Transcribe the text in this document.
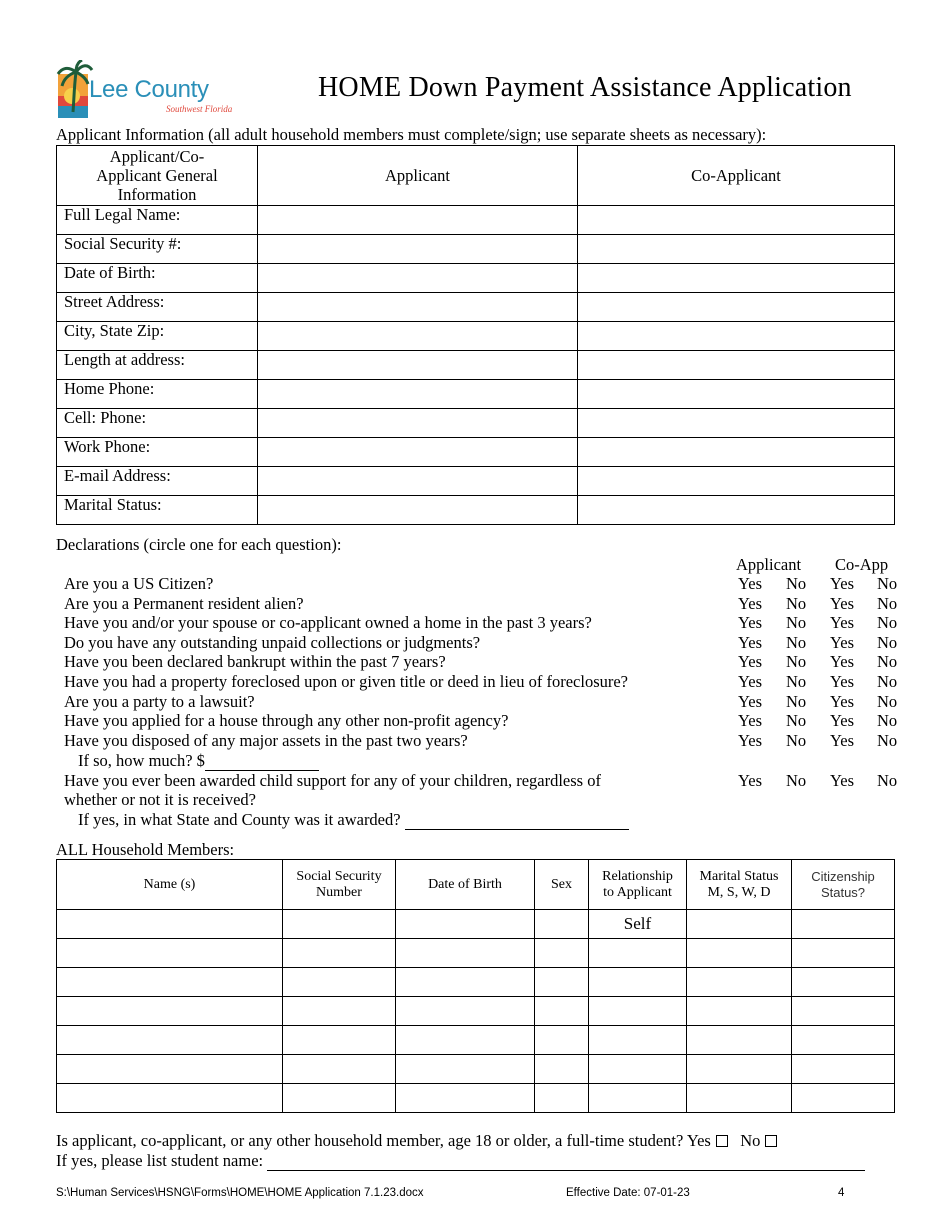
Lee County
Southwest Florida
HOME Down Payment Assistance Application
Applicant Information (all adult household members must complete/sign; use separate sheets as necessary):
Applicant/Co-Applicant General Information	Applicant	Co-Applicant
Full Legal Name:		
Social Security #:		
Date of Birth:		
Street Address:		
City, State Zip:		
Length at address:		
Home Phone:		
Cell: Phone:		
Work Phone:		
E-mail Address:		
Marital Status:		
Declarations (circle one for each question):
Applicant Co-App
Are you a US Citizen?	Yes No Yes No
Are you a Permanent resident alien?	Yes No Yes No
Have you and/or your spouse or co-applicant owned a home in the past 3 years?	Yes No Yes No
Do you have any outstanding unpaid collections or judgments?	Yes No Yes No
Have you been declared bankrupt within the past 7 years?	Yes No Yes No
Have you had a property foreclosed upon or given title or deed in lieu of foreclosure?	Yes No Yes No
Are you a party to a lawsuit?	Yes No Yes No
Have you applied for a house through any other non-profit agency?	Yes No Yes No
Have you disposed of any major assets in the past two years?	Yes No Yes No
If so, how much? $
Have you ever been awarded child support for any of your children, regardless of
whether or not it is received?
Yes No Yes No
If yes, in what State and County was it awarded?
ALL Household Members:
Name (s)	Social Security Number	Date of Birth	Sex	Relationship to Applicant	Marital Status M, S, W, D	Citizenship Status?

				Self		

Is applicant, co-applicant, or any other household member, age 18 or older, a full-time student? Yes No
If yes, please list student name:
S:\Human Services\HSNG\Forms\HOME\HOME Application 7.1.23.docx	Effective Date: 07-01-23	4
